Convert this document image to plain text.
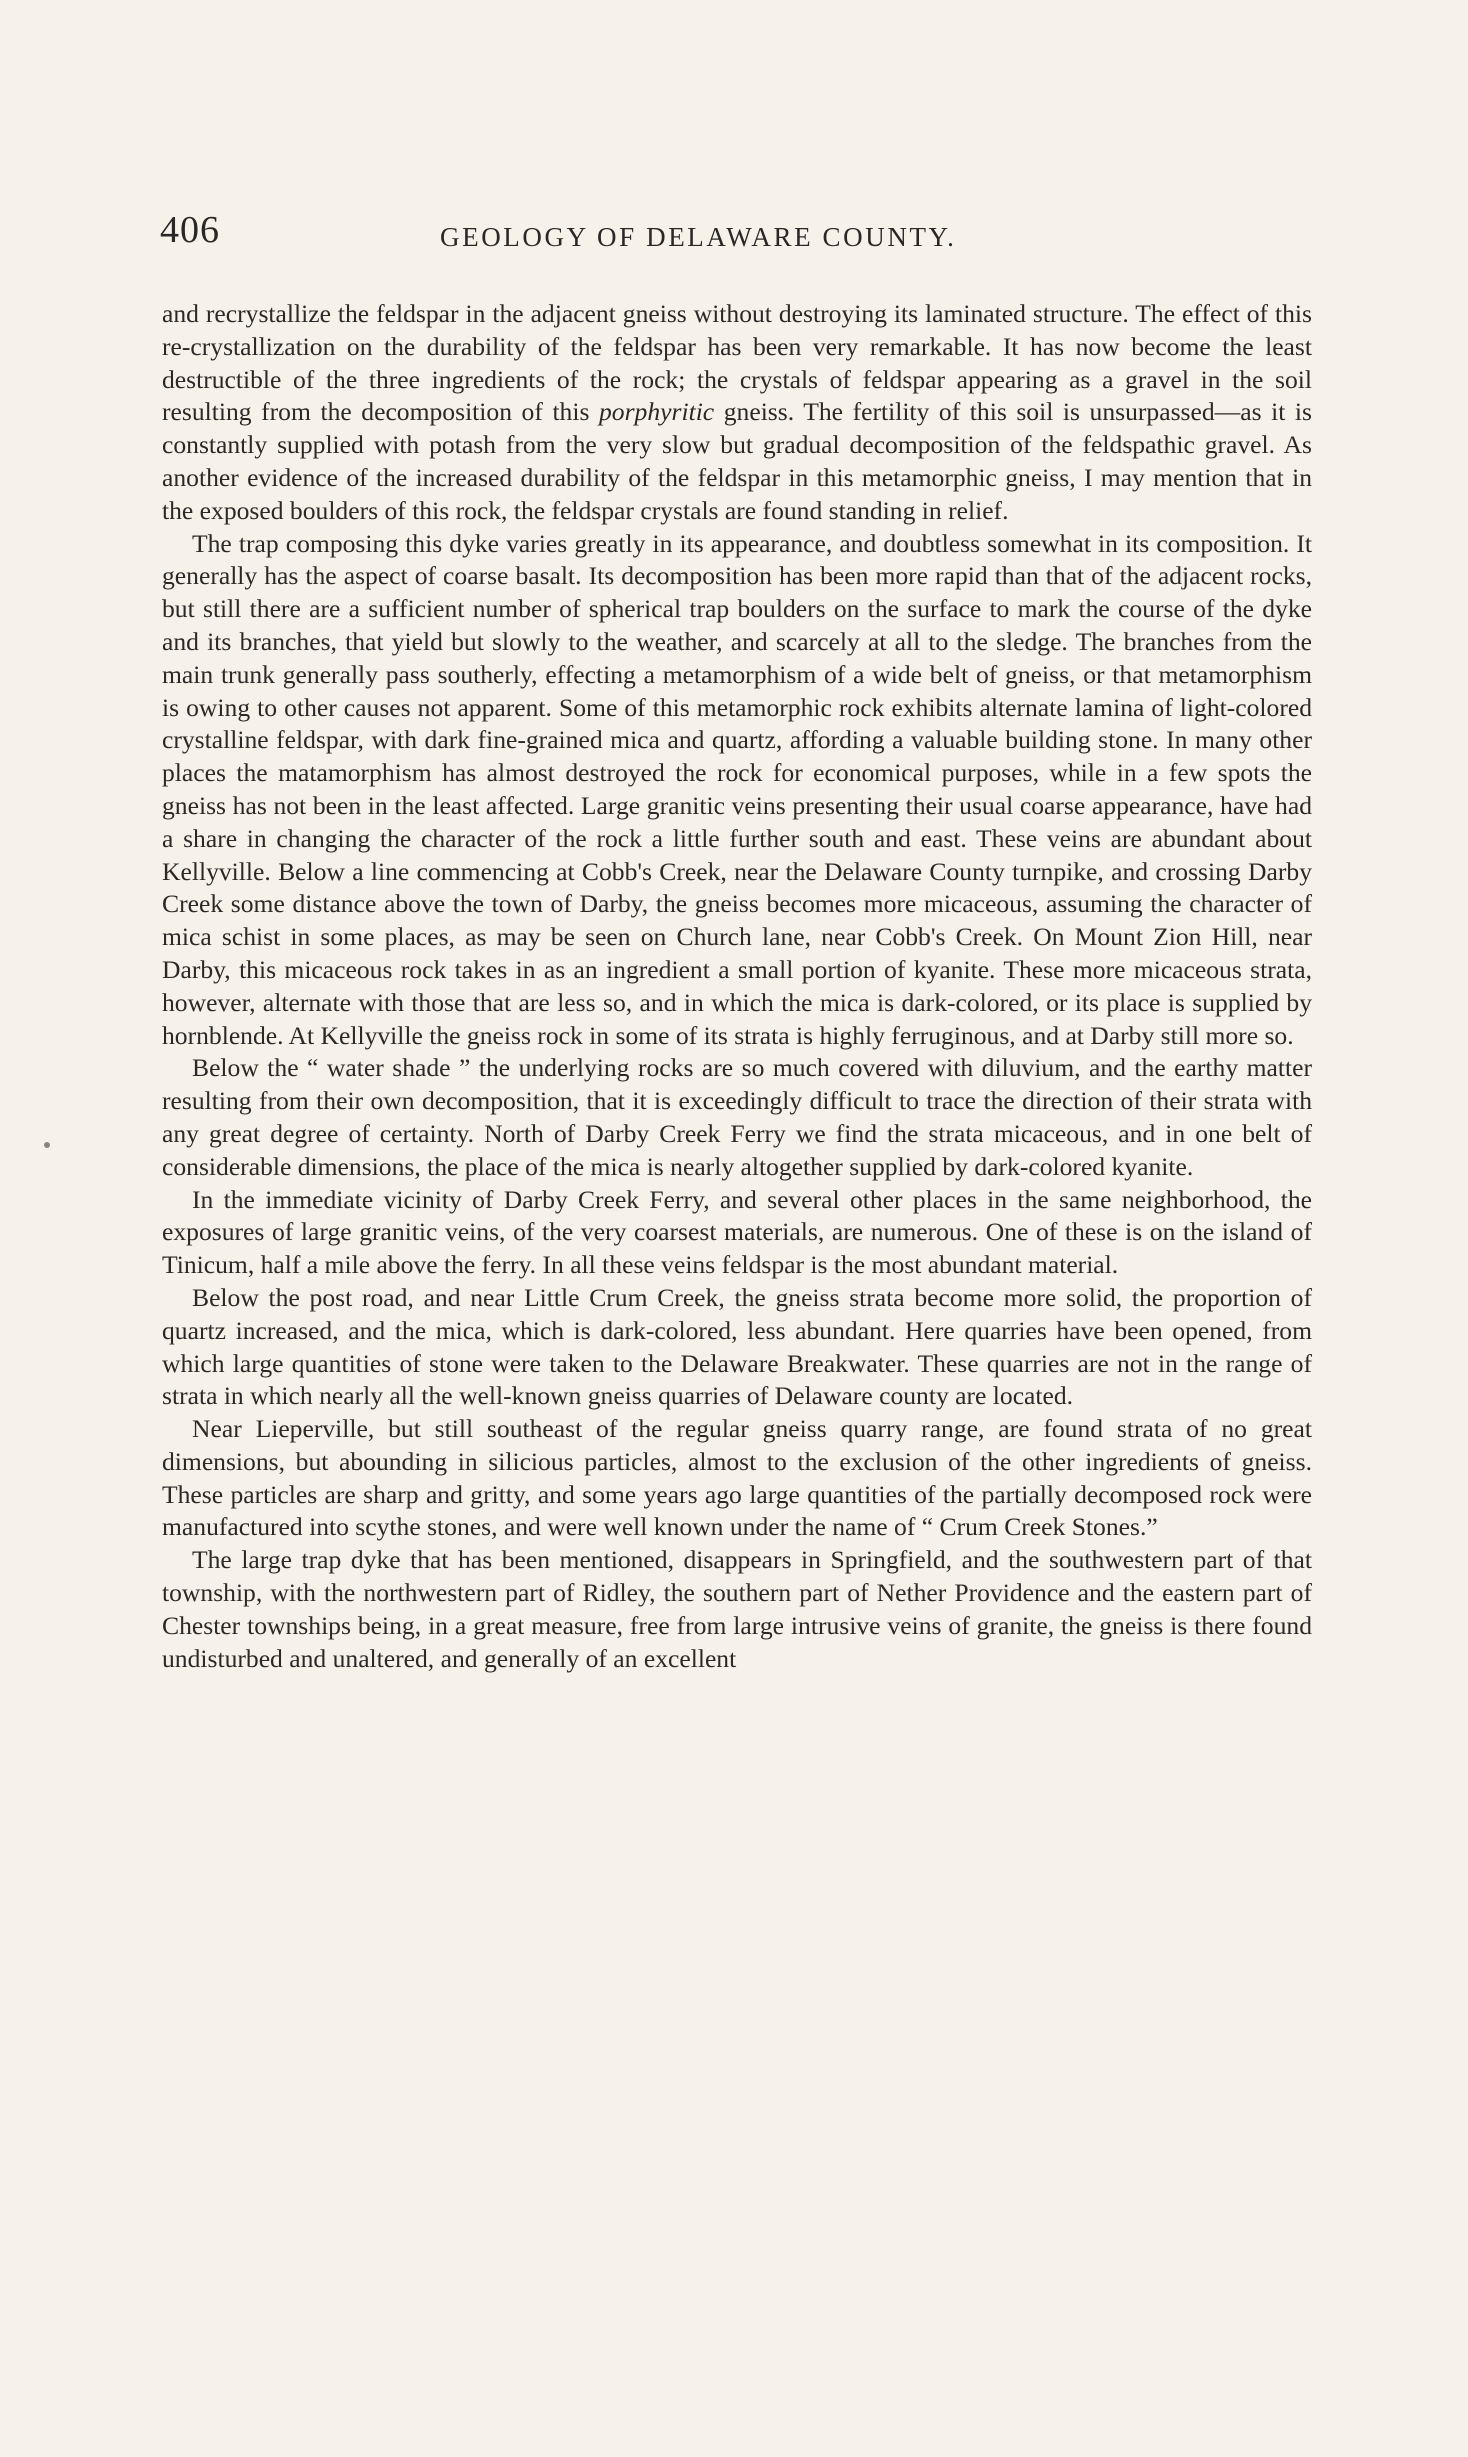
406	GEOLOGY OF DELAWARE COUNTY.

and recrystallize the feldspar in the adjacent gneiss without destroying its laminated structure. The effect of this re-crystallization on the durability of the feldspar has been very remarkable. It has now become the least destructible of the three ingredients of the rock; the crystals of feldspar appearing as a gravel in the soil resulting from the decomposition of this porphyritic gneiss. The fertility of this soil is unsurpassed—as it is constantly supplied with potash from the very slow but gradual decomposition of the feldspathic gravel. As another evidence of the increased durability of the feldspar in this metamorphic gneiss, I may mention that in the exposed boulders of this rock, the feldspar crystals are found standing in relief.

The trap composing this dyke varies greatly in its appearance, and doubtless somewhat in its composition. It generally has the aspect of coarse basalt. Its decomposition has been more rapid than that of the adjacent rocks, but still there are a sufficient number of spherical trap boulders on the surface to mark the course of the dyke and its branches, that yield but slowly to the weather, and scarcely at all to the sledge. The branches from the main trunk generally pass southerly, effecting a metamorphism of a wide belt of gneiss, or that metamorphism is owing to other causes not apparent. Some of this metamorphic rock exhibits alternate lamina of light-colored crystalline feldspar, with dark fine-grained mica and quartz, affording a valuable building stone. In many other places the matamorphism has almost destroyed the rock for economical purposes, while in a few spots the gneiss has not been in the least affected. Large granitic veins presenting their usual coarse appearance, have had a share in changing the character of the rock a little further south and east. These veins are abundant about Kellyville. Below a line commencing at Cobb's Creek, near the Delaware County turnpike, and crossing Darby Creek some distance above the town of Darby, the gneiss becomes more micaceous, assuming the character of mica schist in some places, as may be seen on Church lane, near Cobb's Creek. On Mount Zion Hill, near Darby, this micaceous rock takes in as an ingredient a small portion of kyanite. These more micaceous strata, however, alternate with those that are less so, and in which the mica is dark-colored, or its place is supplied by hornblende. At Kellyville the gneiss rock in some of its strata is highly ferruginous, and at Darby still more so.

Below the “ water shade ” the underlying rocks are so much covered with diluvium, and the earthy matter resulting from their own decomposition, that it is exceedingly difficult to trace the direction of their strata with any great degree of certainty. North of Darby Creek Ferry we find the strata micaceous, and in one belt of considerable dimensions, the place of the mica is nearly altogether supplied by dark-colored kyanite.

In the immediate vicinity of Darby Creek Ferry, and several other places in the same neighborhood, the exposures of large granitic veins, of the very coarsest materials, are numerous. One of these is on the island of Tinicum, half a mile above the ferry. In all these veins feldspar is the most abundant material.

Below the post road, and near Little Crum Creek, the gneiss strata become more solid, the proportion of quartz increased, and the mica, which is dark-colored, less abundant. Here quarries have been opened, from which large quantities of stone were taken to the Delaware Breakwater. These quarries are not in the range of strata in which nearly all the well-known gneiss quarries of Delaware county are located.

Near Lieperville, but still southeast of the regular gneiss quarry range, are found strata of no great dimensions, but abounding in silicious particles, almost to the exclusion of the other ingredients of gneiss. These particles are sharp and gritty, and some years ago large quantities of the partially decomposed rock were manufactured into scythe stones, and were well known under the name of “ Crum Creek Stones.”

The large trap dyke that has been mentioned, disappears in Springfield, and the southwestern part of that township, with the northwestern part of Ridley, the southern part of Nether Providence and the eastern part of Chester townships being, in a great measure, free from large intrusive veins of granite, the gneiss is there found undisturbed and unaltered, and generally of an excellent
